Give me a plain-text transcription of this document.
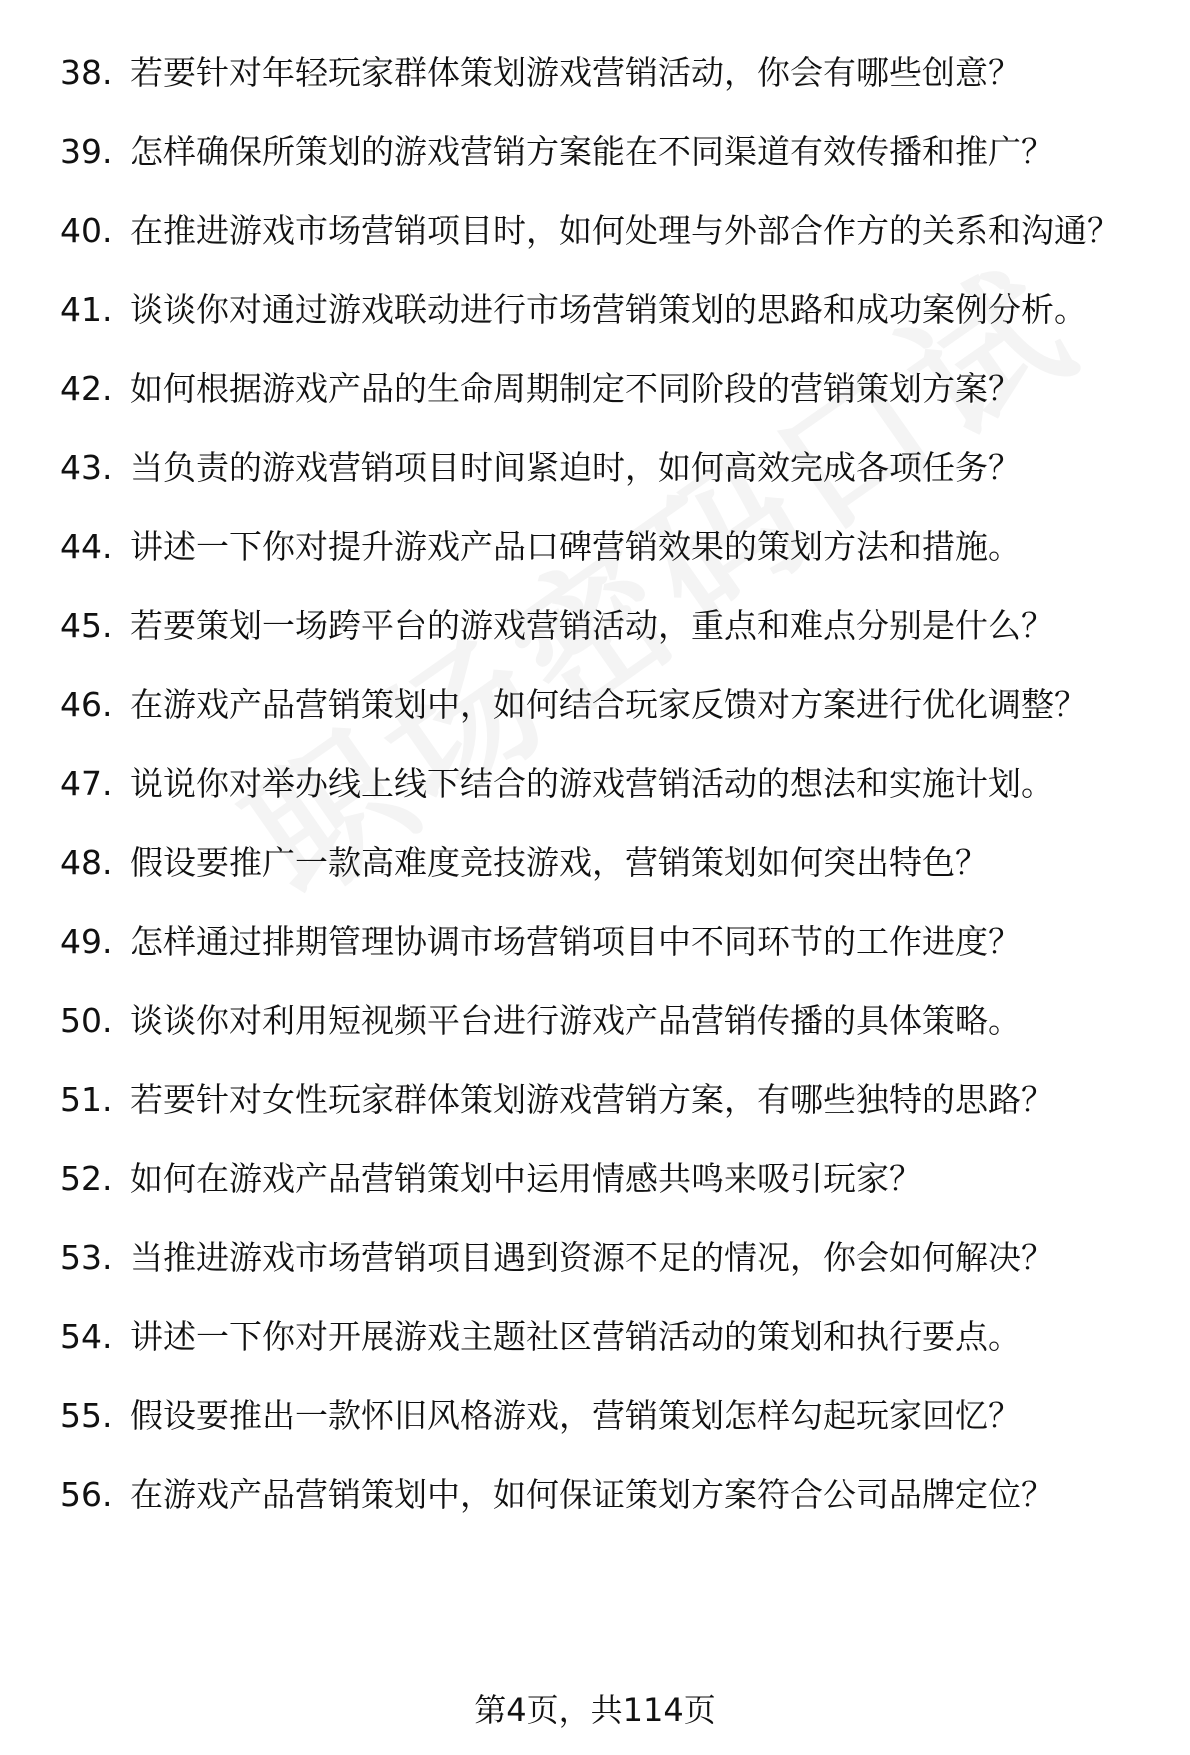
38. 若要针对年轻玩家群体策划游戏营销活动，你会有哪些创意？
39. 怎样确保所策划的游戏营销方案能在不同渠道有效传播和推广？
40. 在推进游戏市场营销项目时，如何处理与外部合作方的关系和沟通？
41. 谈谈你对通过游戏联动进行市场营销策划的思路和成功案例分析。
42. 如何根据游戏产品的生命周期制定不同阶段的营销策划方案？
43. 当负责的游戏营销项目时间紧迫时，如何高效完成各项任务？
44. 讲述一下你对提升游戏产品口碑营销效果的策划方法和措施。
45. 若要策划一场跨平台的游戏营销活动，重点和难点分别是什么？
46. 在游戏产品营销策划中，如何结合玩家反馈对方案进行优化调整？
47. 说说你对举办线上线下结合的游戏营销活动的想法和实施计划。
48. 假设要推广一款高难度竞技游戏，营销策划如何突出特色？
49. 怎样通过排期管理协调市场营销项目中不同环节的工作进度？
50. 谈谈你对利用短视频平台进行游戏产品营销传播的具体策略。
51. 若要针对女性玩家群体策划游戏营销方案，有哪些独特的思路？
52. 如何在游戏产品营销策划中运用情感共鸣来吸引玩家？
53. 当推进游戏市场营销项目遇到资源不足的情况，你会如何解决？
54. 讲述一下你对开展游戏主题社区营销活动的策划和执行要点。
55. 假设要推出一款怀旧风格游戏，营销策划怎样勾起玩家回忆？
56. 在游戏产品营销策划中，如何保证策划方案符合公司品牌定位？
第4页，共114页
